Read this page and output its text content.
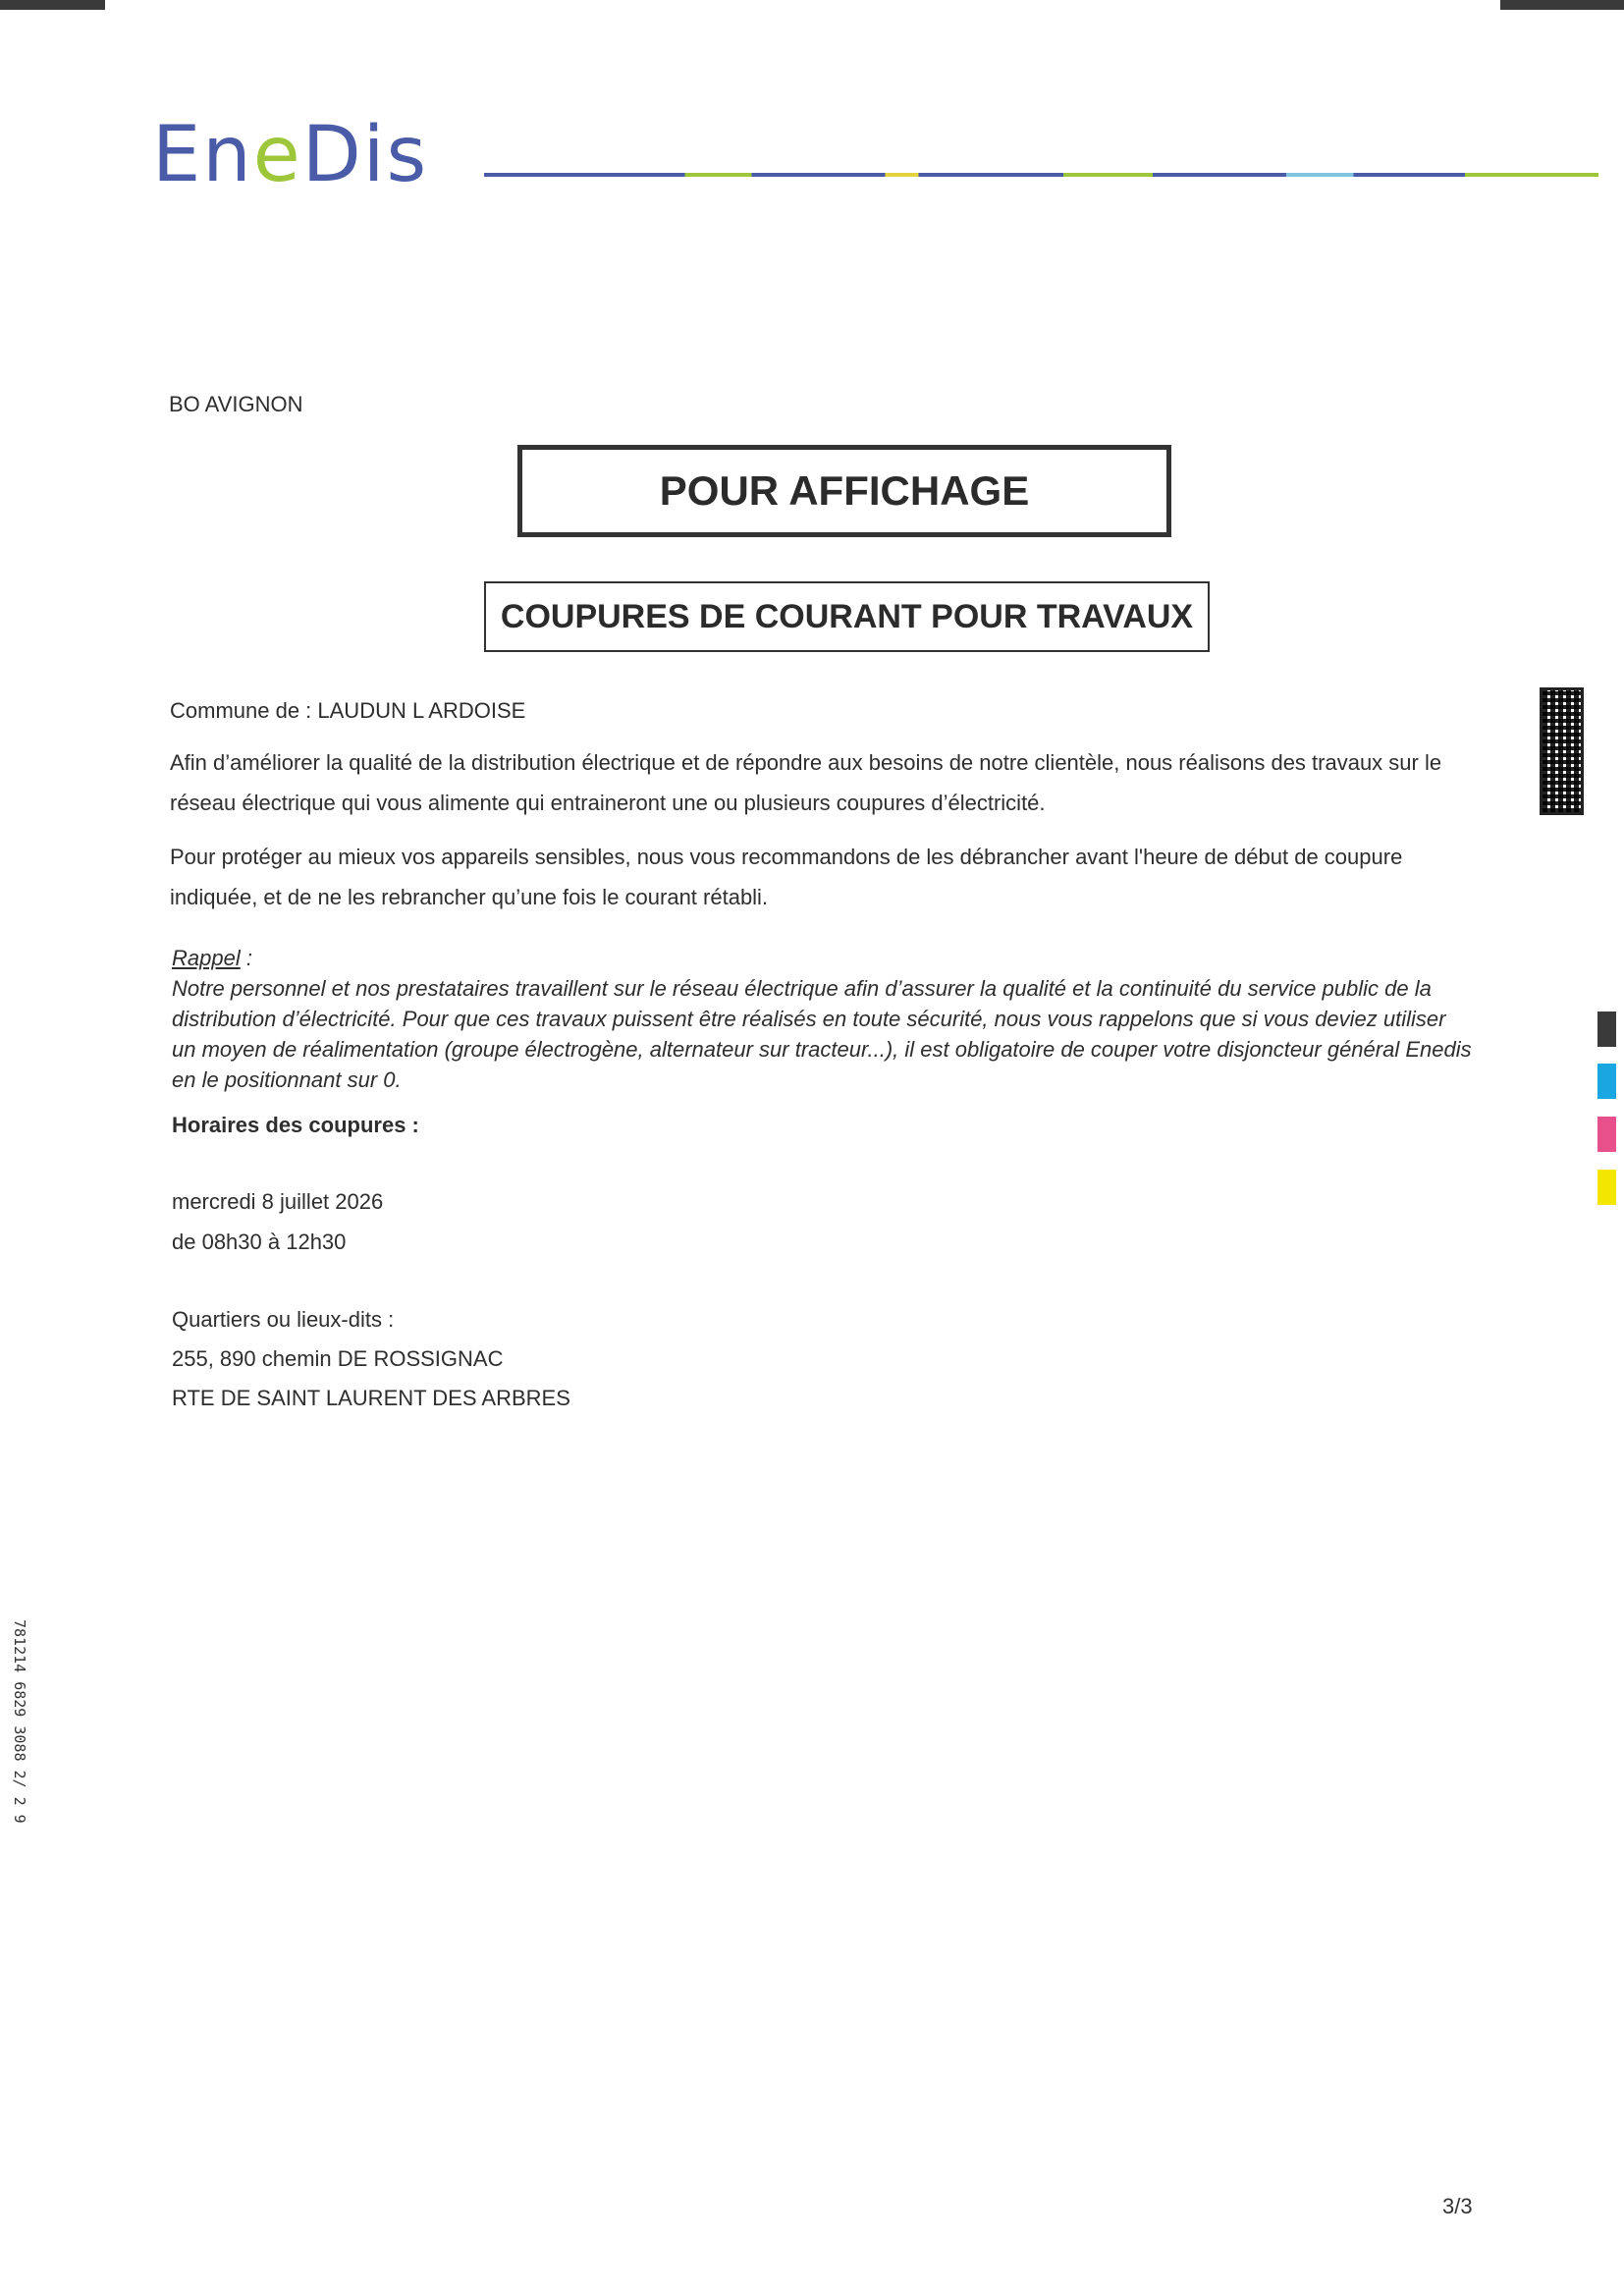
EneDis
BO AVIGNON
POUR AFFICHAGE
COUPURES DE COURANT POUR TRAVAUX
Commune de : LAUDUN L ARDOISE
Afin d’améliorer la qualité de la distribution électrique et de répondre aux besoins de notre clientèle, nous réalisons des travaux sur le réseau électrique qui vous alimente qui entraineront une ou plusieurs coupures d’électricité.
Pour protéger au mieux vos appareils sensibles, nous vous recommandons de les débrancher avant l'heure de début de coupure indiquée, et de ne les rebrancher qu’une fois le courant rétabli.
Rappel :
Notre personnel et nos prestataires travaillent sur le réseau électrique afin d’assurer la qualité et la continuité du service public de la distribution d’électricité. Pour que ces travaux puissent être réalisés en toute sécurité, nous vous rappelons que si vous deviez utiliser un moyen de réalimentation (groupe électrogène, alternateur sur tracteur...), il est obligatoire de couper votre disjoncteur général Enedis en le positionnant sur 0.
Horaires des coupures :
mercredi 8 juillet 2026
de 08h30 à 12h30
Quartiers ou lieux-dits :
255, 890 chemin DE ROSSIGNAC
RTE DE SAINT LAURENT DES ARBRES
781214 6829 3088 2/ 2 9
3/3
